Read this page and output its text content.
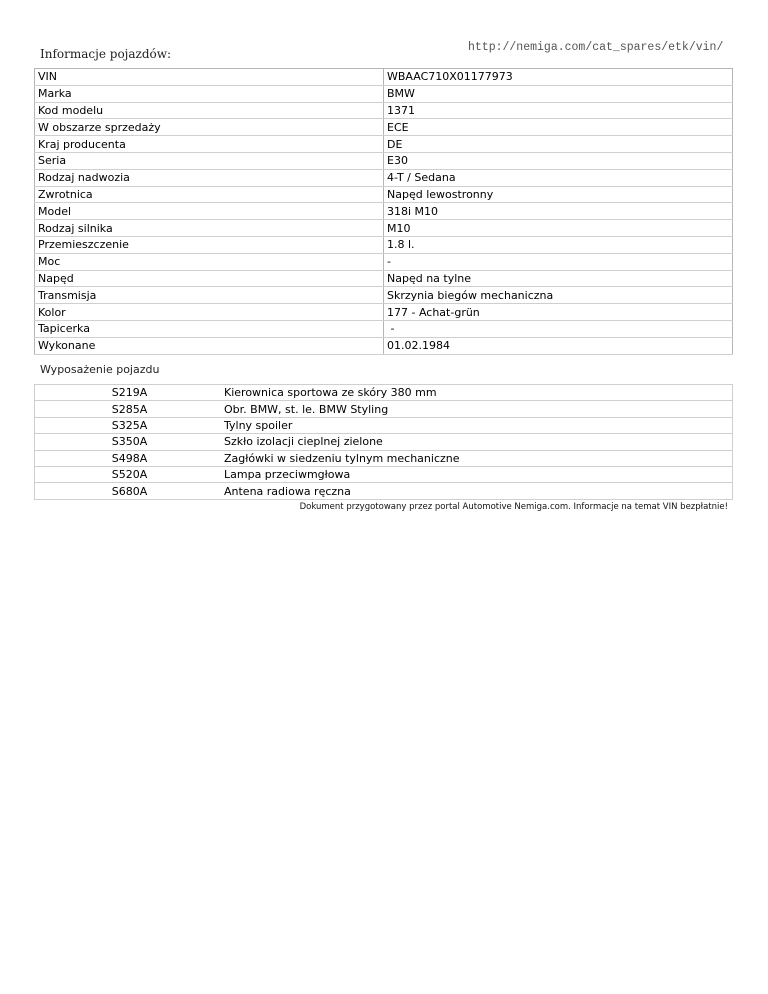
http://nemiga.com/cat_spares/etk/vin/
Informacje pojazdów:
VIN	WBAAC710X01177973
Marka	BMW
Kod modelu	1371
W obszarze sprzedaży	ECE
Kraj producenta	DE
Seria	E30
Rodzaj nadwozia	4-T / Sedana
Zwrotnica	Napęd lewostronny
Model	318i M10
Rodzaj silnika	M10
Przemieszczenie	1.8 l.
Moc	-
Napęd	Napęd na tylne
Transmisja	Skrzynia biegów mechaniczna
Kolor	177 - Achat-grün
Tapicerka	-
Wykonane	01.02.1984
Wyposażenie pojazdu
S219A	Kierownica sportowa ze skóry 380 mm
S285A	Obr. BMW, st. le. BMW Styling
S325A	Tylny spoiler
S350A	Szkło izolacji cieplnej zielone
S498A	Zagłówki w siedzeniu tylnym mechaniczne
S520A	Lampa przeciwmgłowa
S680A	Antena radiowa ręczna
Dokument przygotowany przez portal Automotive Nemiga.com. Informacje na temat VIN bezpłatnie!
